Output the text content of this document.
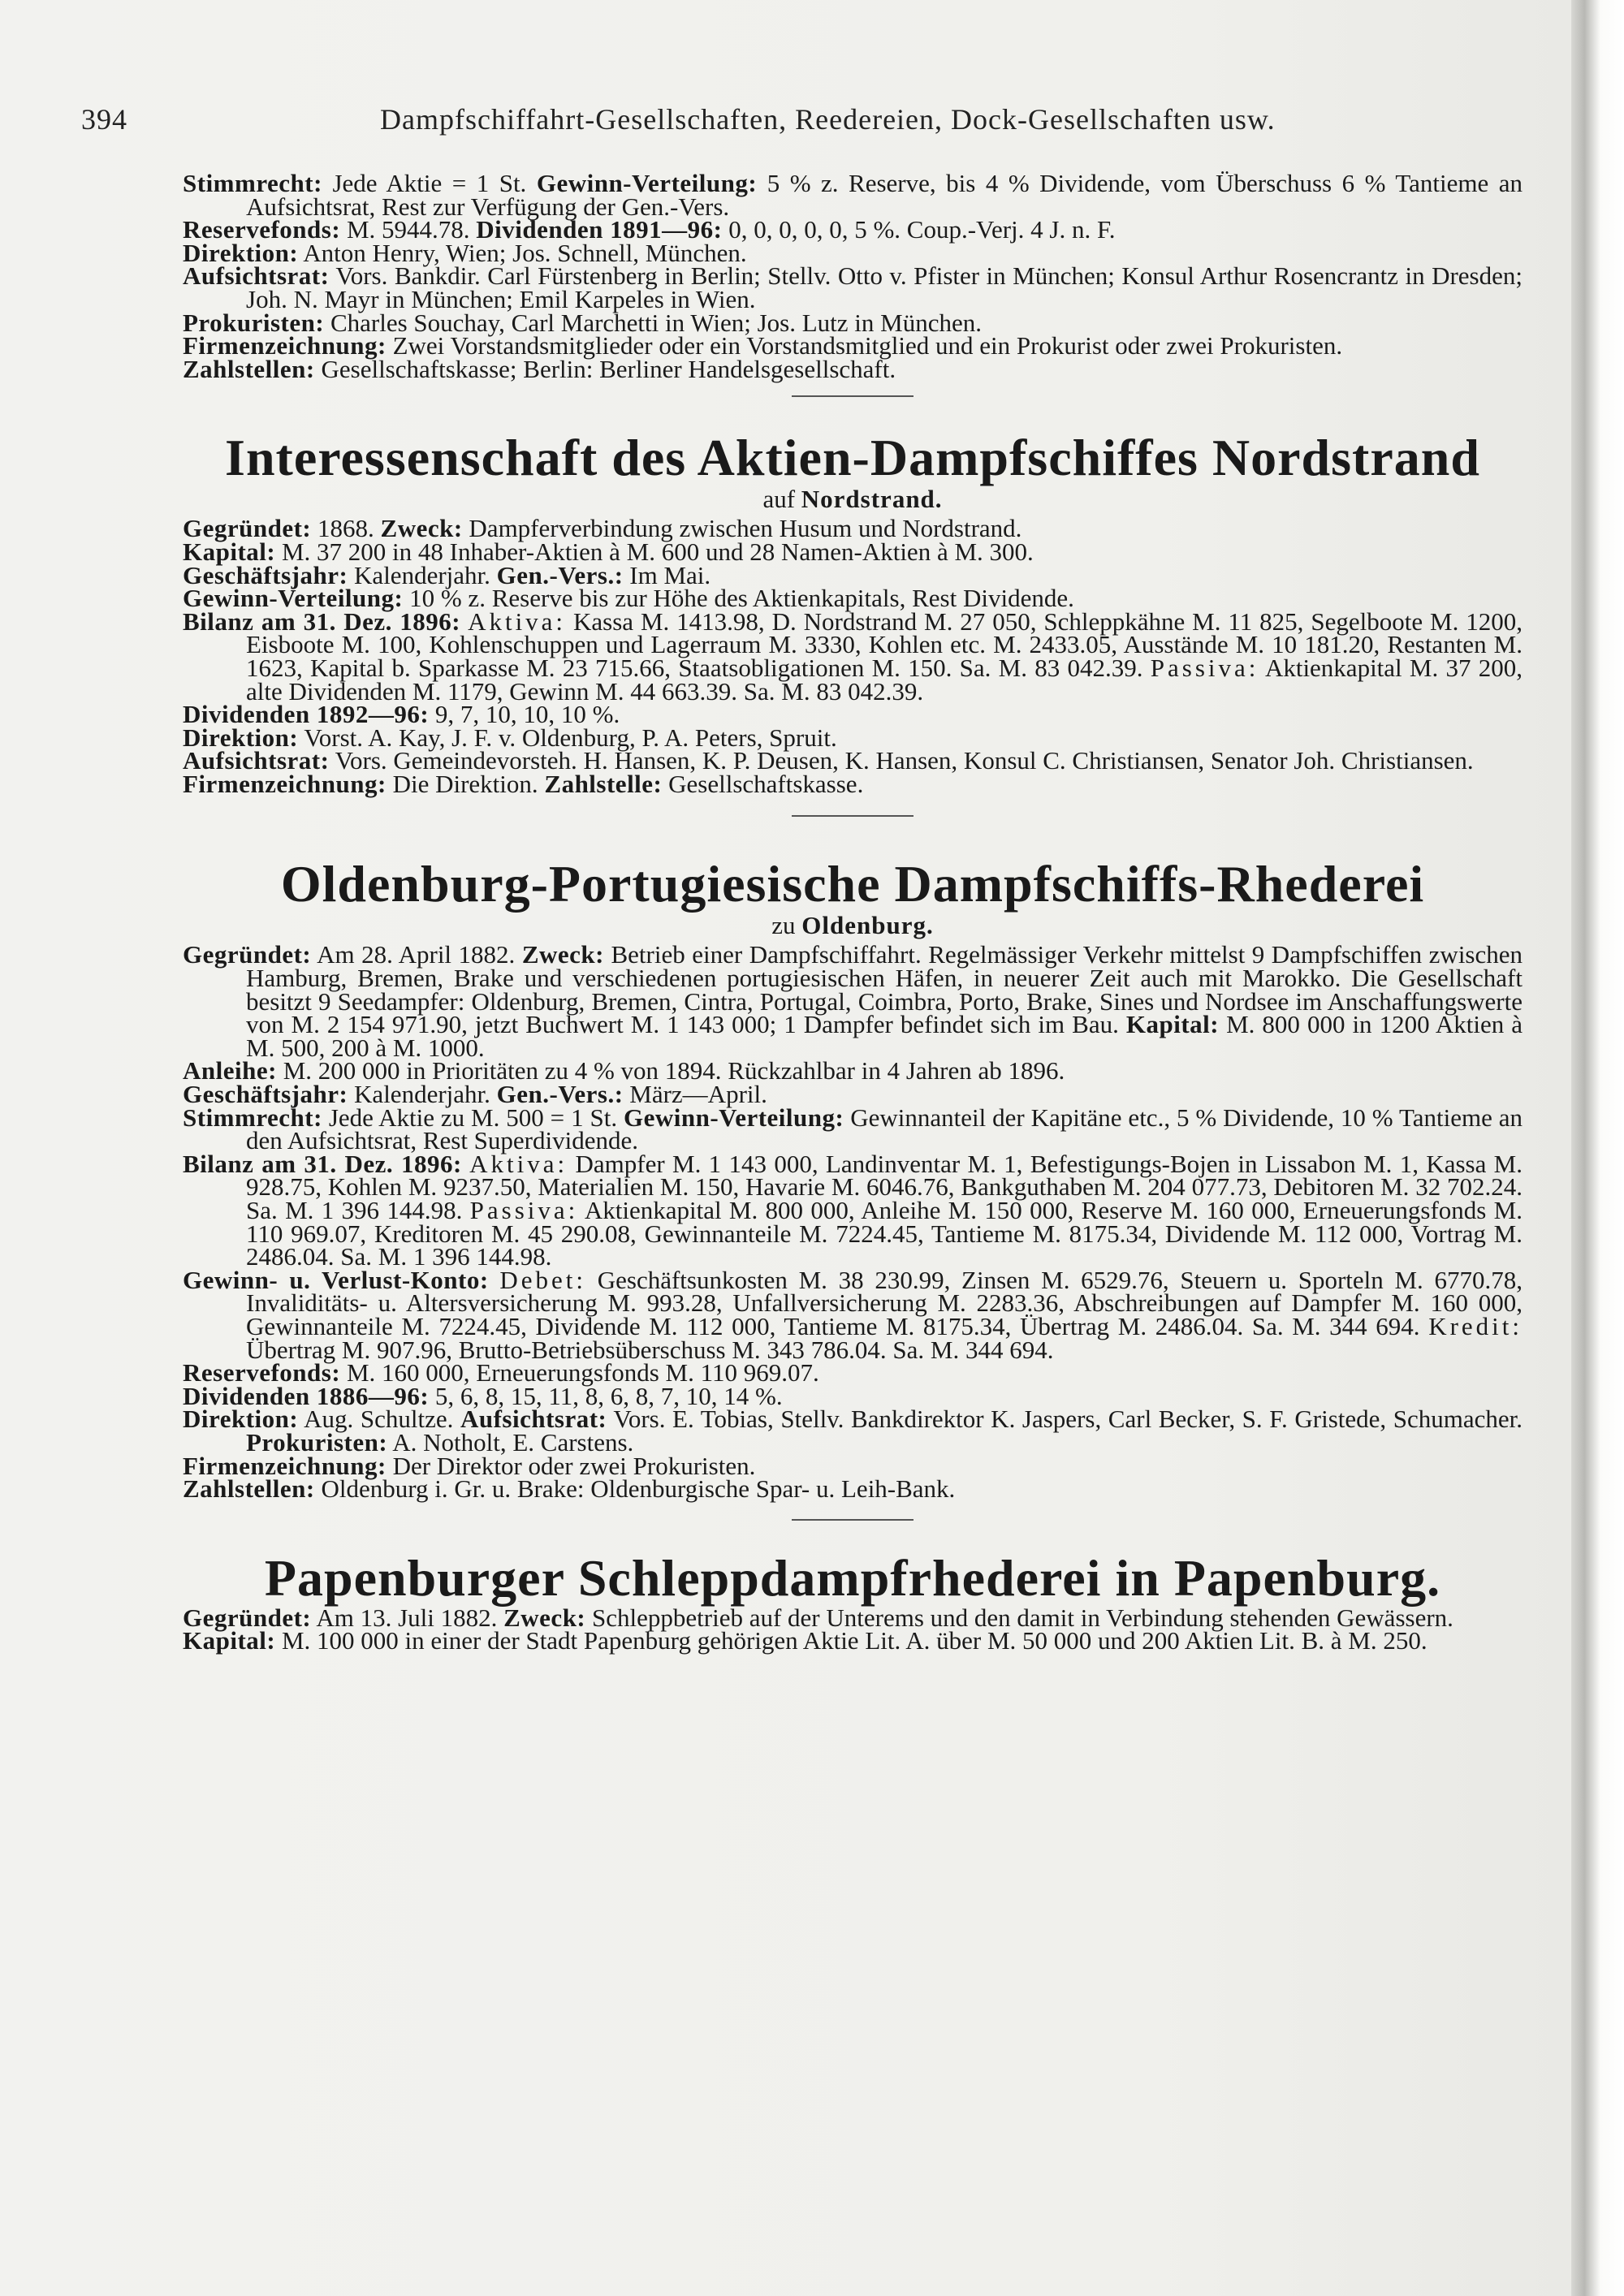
394	Dampfschiffahrt-Gesellschaften, Reedereien, Dock-Gesellschaften usw.

Stimmrecht: Jede Aktie = 1 St. Gewinn-Verteilung: 5 % z. Reserve, bis 4 % Dividende, vom Überschuss 6 % Tantieme an Aufsichtsrat, Rest zur Verfügung der Gen.-Vers.

Reservefonds: M. 5944.78. Dividenden 1891—96: 0, 0, 0, 0, 0, 5 %. Coup.-Verj. 4 J. n. F.

Direktion: Anton Henry, Wien; Jos. Schnell, München.

Aufsichtsrat: Vors. Bankdir. Carl Fürstenberg in Berlin; Stellv. Otto v. Pfister in München; Konsul Arthur Rosencrantz in Dresden; Joh. N. Mayr in München; Emil Karpeles in Wien.

Prokuristen: Charles Souchay, Carl Marchetti in Wien; Jos. Lutz in München.

Firmenzeichnung: Zwei Vorstandsmitglieder oder ein Vorstandsmitglied und ein Prokurist oder zwei Prokuristen.

Zahlstellen: Gesellschaftskasse; Berlin: Berliner Handelsgesellschaft.

Interessenschaft des Aktien-Dampfschiffes Nordstrand

auf Nordstrand.

Gegründet: 1868. Zweck: Dampferverbindung zwischen Husum und Nordstrand.

Kapital: M. 37 200 in 48 Inhaber-Aktien à M. 600 und 28 Namen-Aktien à M. 300.

Geschäftsjahr: Kalenderjahr. Gen.-Vers.: Im Mai.

Gewinn-Verteilung: 10 % z. Reserve bis zur Höhe des Aktienkapitals, Rest Dividende.

Bilanz am 31. Dez. 1896: Aktiva: Kassa M. 1413.98, D. Nordstrand M. 27 050, Schleppkähne M. 11 825, Segelboote M. 1200, Eisboote M. 100, Kohlenschuppen und Lagerraum M. 3330, Kohlen etc. M. 2433.05, Ausstände M. 10 181.20, Restanten M. 1623, Kapital b. Sparkasse M. 23 715.66, Staatsobligationen M. 150. Sa. M. 83 042.39. Passiva: Aktienkapital M. 37 200, alte Dividenden M. 1179, Gewinn M. 44 663.39. Sa. M. 83 042.39.

Dividenden 1892—96: 9, 7, 10, 10, 10 %.

Direktion: Vorst. A. Kay, J. F. v. Oldenburg, P. A. Peters, Spruit.

Aufsichtsrat: Vors. Gemeindevorsteh. H. Hansen, K. P. Deusen, K. Hansen, Konsul C. Christiansen, Senator Joh. Christiansen.

Firmenzeichnung: Die Direktion. Zahlstelle: Gesellschaftskasse.

Oldenburg-Portugiesische Dampfschiffs-Rhederei

zu Oldenburg.

Gegründet: Am 28. April 1882. Zweck: Betrieb einer Dampfschiffahrt. Regelmässiger Verkehr mittelst 9 Dampfschiffen zwischen Hamburg, Bremen, Brake und verschiedenen portugiesischen Häfen, in neuerer Zeit auch mit Marokko. Die Gesellschaft besitzt 9 Seedampfer: Oldenburg, Bremen, Cintra, Portugal, Coimbra, Porto, Brake, Sines und Nordsee im Anschaffungswerte von M. 2 154 971.90, jetzt Buchwert M. 1 143 000; 1 Dampfer befindet sich im Bau. Kapital: M. 800 000 in 1200 Aktien à M. 500, 200 à M. 1000.

Anleihe: M. 200 000 in Prioritäten zu 4 % von 1894. Rückzahlbar in 4 Jahren ab 1896.

Geschäftsjahr: Kalenderjahr. Gen.-Vers.: März—April.

Stimmrecht: Jede Aktie zu M. 500 = 1 St. Gewinn-Verteilung: Gewinnanteil der Kapitäne etc., 5 % Dividende, 10 % Tantieme an den Aufsichtsrat, Rest Superdividende.

Bilanz am 31. Dez. 1896: Aktiva: Dampfer M. 1 143 000, Landinventar M. 1, Befestigungs-Bojen in Lissabon M. 1, Kassa M. 928.75, Kohlen M. 9237.50, Materialien M. 150, Havarie M. 6046.76, Bankguthaben M. 204 077.73, Debitoren M. 32 702.24. Sa. M. 1 396 144.98. Passiva: Aktienkapital M. 800 000, Anleihe M. 150 000, Reserve M. 160 000, Erneuerungsfonds M. 110 969.07, Kreditoren M. 45 290.08, Gewinnanteile M. 7224.45, Tantieme M. 8175.34, Dividende M. 112 000, Vortrag M. 2486.04. Sa. M. 1 396 144.98.

Gewinn- u. Verlust-Konto: Debet: Geschäftsunkosten M. 38 230.99, Zinsen M. 6529.76, Steuern u. Sporteln M. 6770.78, Invaliditäts- u. Altersversicherung M. 993.28, Unfallversicherung M. 2283.36, Abschreibungen auf Dampfer M. 160 000, Gewinnanteile M. 7224.45, Dividende M. 112 000, Tantieme M. 8175.34, Übertrag M. 2486.04. Sa. M. 344 694. Kredit: Übertrag M. 907.96, Brutto-Betriebsüberschuss M. 343 786.04. Sa. M. 344 694.

Reservefonds: M. 160 000, Erneuerungsfonds M. 110 969.07.

Dividenden 1886—96: 5, 6, 8, 15, 11, 8, 6, 8, 7, 10, 14 %.

Direktion: Aug. Schultze. Aufsichtsrat: Vors. E. Tobias, Stellv. Bankdirektor K. Jaspers, Carl Becker, S. F. Gristede, Schumacher. Prokuristen: A. Notholt, E. Carstens.

Firmenzeichnung: Der Direktor oder zwei Prokuristen.

Zahlstellen: Oldenburg i. Gr. u. Brake: Oldenburgische Spar- u. Leih-Bank.

Papenburger Schleppdampfrhederei in Papenburg.

Gegründet: Am 13. Juli 1882. Zweck: Schleppbetrieb auf der Unterems und den damit in Verbindung stehenden Gewässern.

Kapital: M. 100 000 in einer der Stadt Papenburg gehörigen Aktie Lit. A. über M. 50 000 und 200 Aktien Lit. B. à M. 250.
